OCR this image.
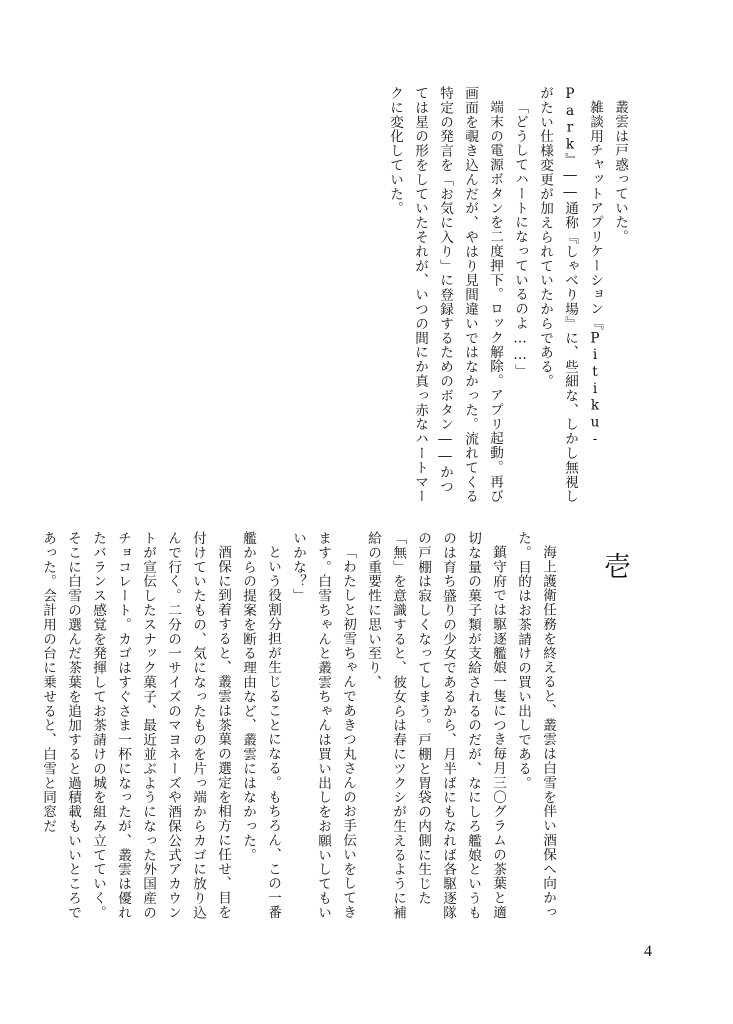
叢雲は戸惑っていた。

雑談用チャットアプリケーション『Pitiku-Park』――通称『しゃべり場』に、些細な、しかし無視しがたい仕様変更が加えられていたからである。

「どうしてハートになっているのよ……」

端末の電源ボタンを二度押下。ロック解除。アプリ起動。再び画面を覗き込んだが、やはり見間違いではなかった。流れてくる特定の発言を「お気に入り」に登録するためのボタン――かつては星の形をしていたそれが、いつの間にか真っ赤なハートマークに変化していた。

壱

海上護衛任務を終えると、叢雲は白雪を伴い酒保へ向かった。目的はお茶請けの買い出しである。

鎮守府では駆逐艦娘一隻につき毎月三〇グラムの茶葉と適切な量の菓子類が支給されるのだが、なにしろ艦娘というものは育ち盛りの少女であるから、月半ばにもなれば各駆逐隊の戸棚は寂しくなってしまう。戸棚と胃袋の内側に生じた「無」を意識すると、彼女らは春にツクシが生えるように補給の重要性に思い至り、

「わたしと初雪ちゃんであきつ丸さんのお手伝いをしてきます。白雪ちゃんと叢雲ちゃんは買い出しをお願いしてもいいかな？」

という役割分担が生じることになる。もちろん、この一番艦からの提案を断る理由など、叢雲にはなかった。

酒保に到着すると、叢雲は茶菓の選定を相方に任せ、目を付けていたもの、気になったものを片っ端からカゴに放り込んで行く。二分の一サイズのマヨネーズや酒保公式アカウントが宣伝したスナック菓子、最近並ぶようになった外国産のチョコレート。カゴはすぐさま一杯になったが、叢雲は優れたバランス感覚を発揮してお茶請けの城を組み立てていく。そこに白雪の選んだ茶葉を追加すると過積載もいいところであった。会計用の台に乗せると、白雪と同窓だ

4
